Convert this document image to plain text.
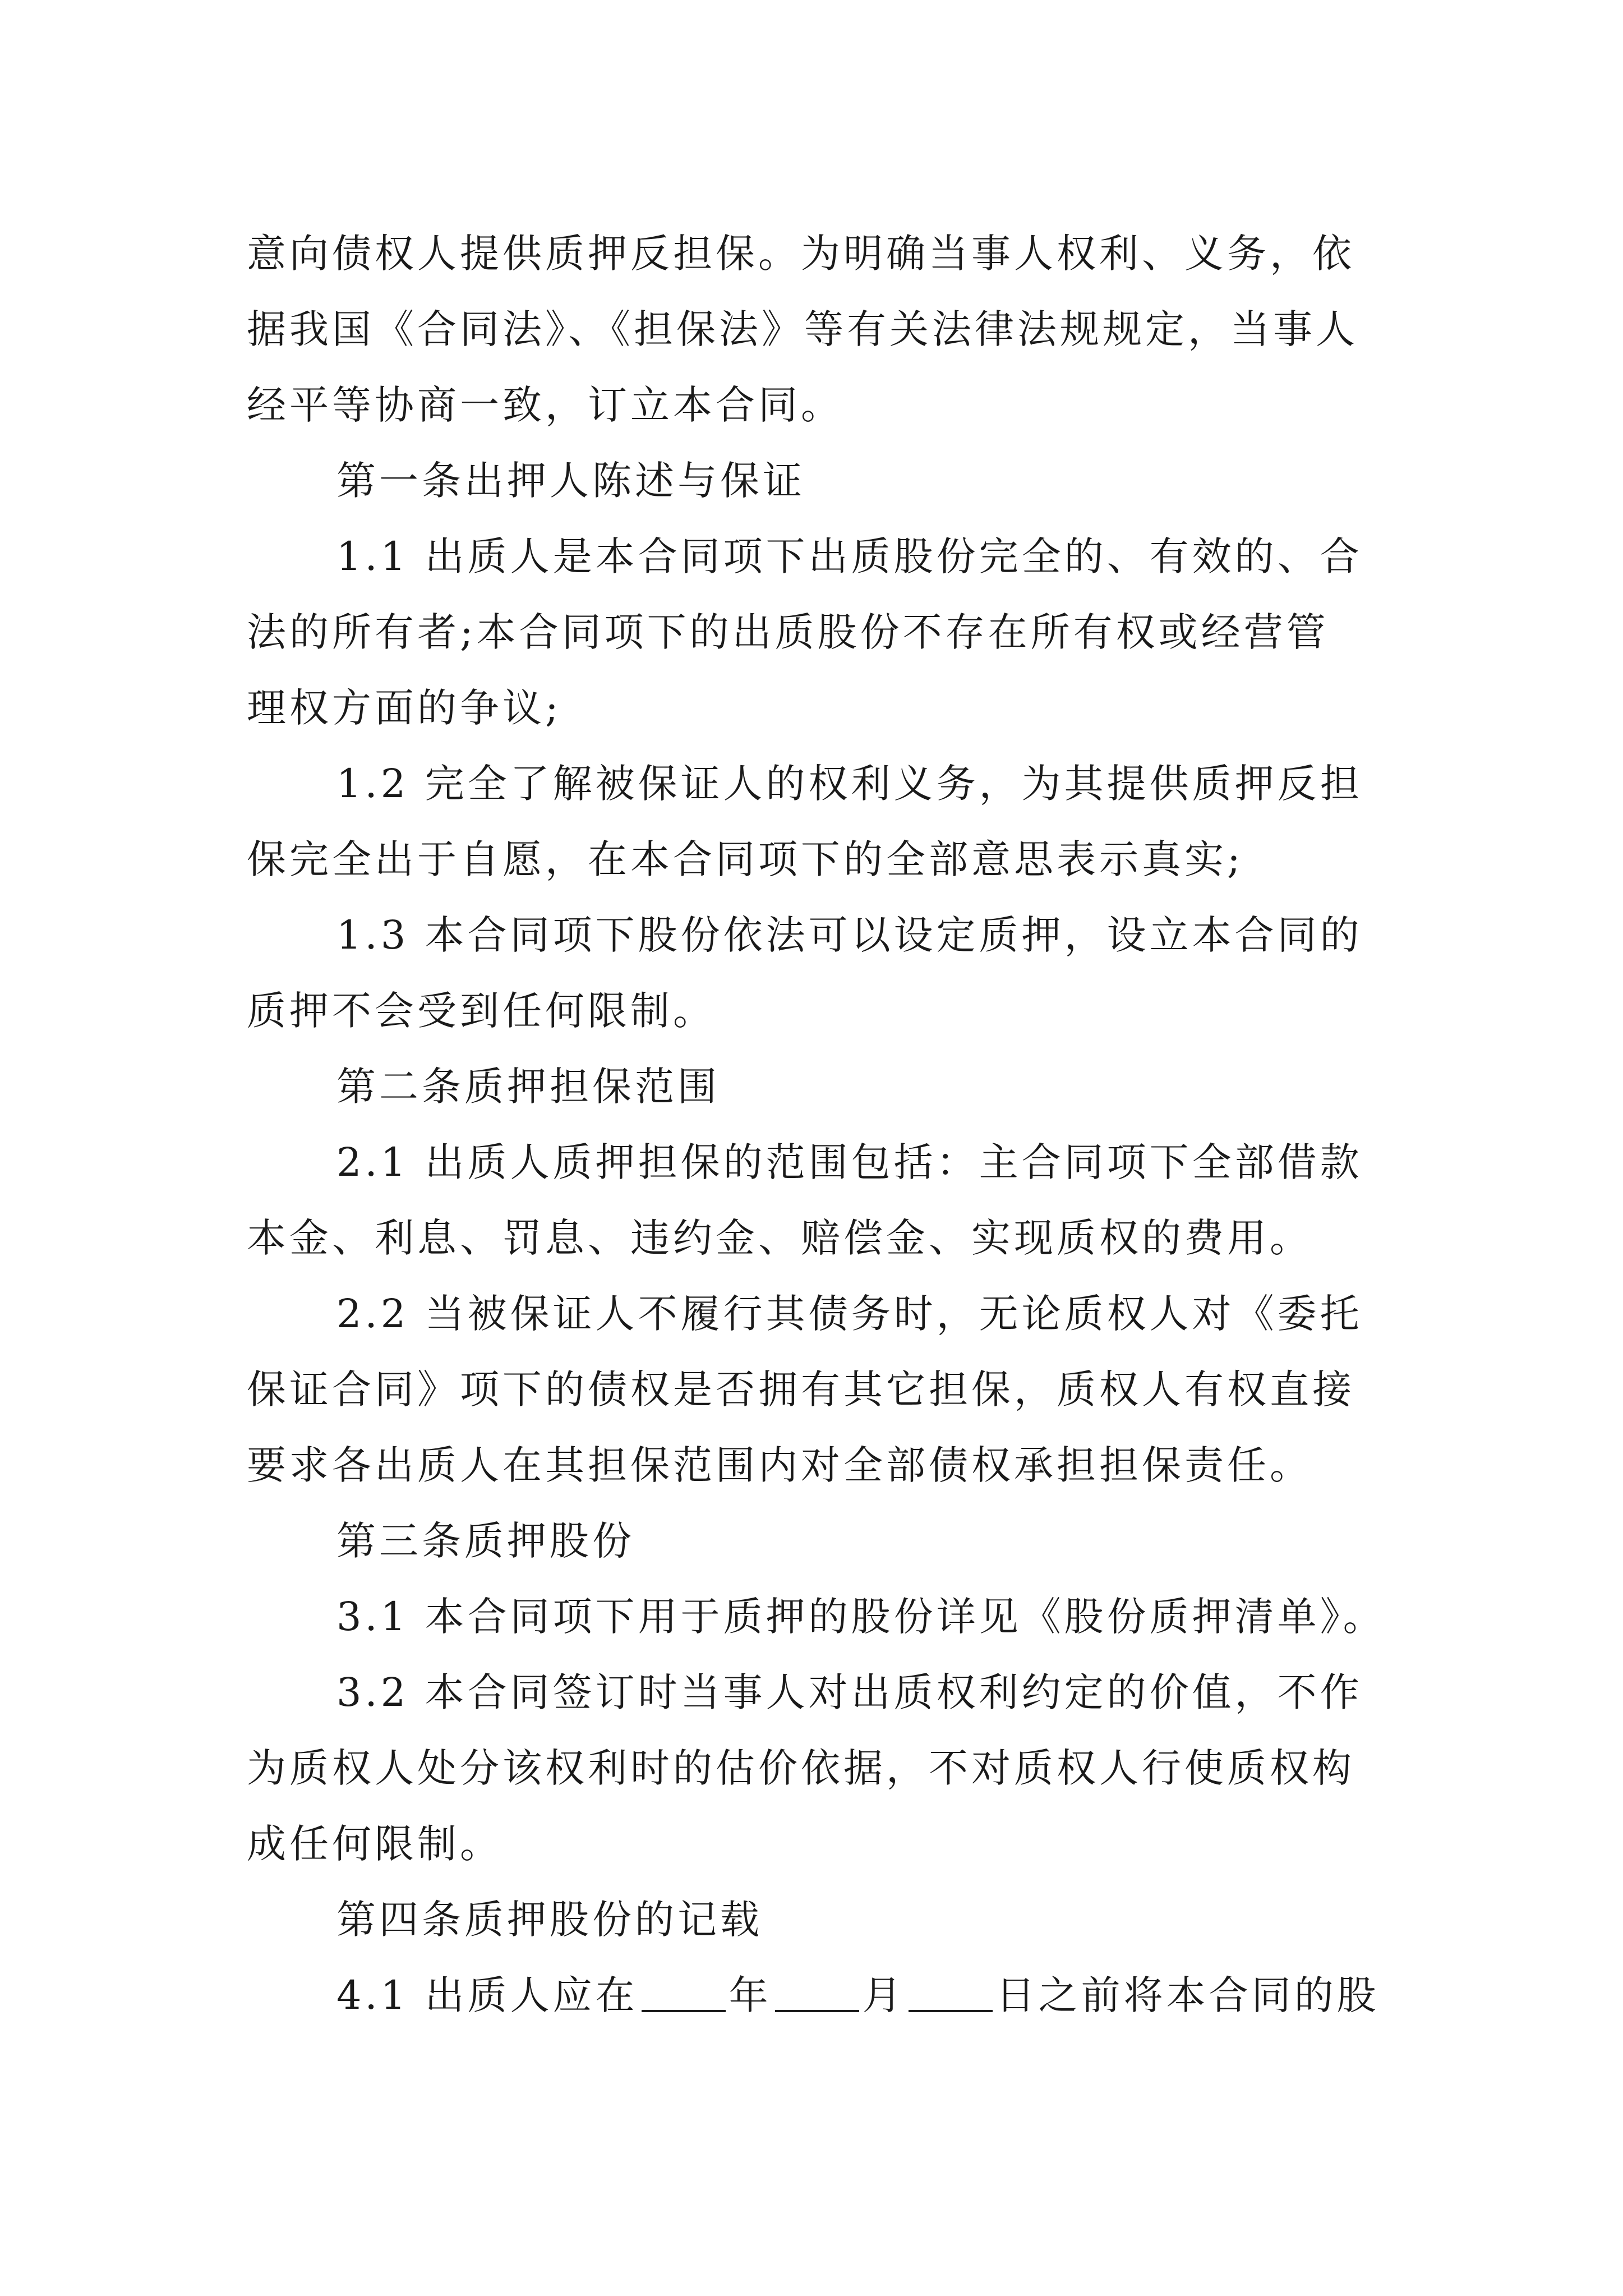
意向债权人提供质押反担保。为明确当事人权利、义务，依
据我国《合同法》、《担保法》等有关法律法规规定，当事人
经平等协商一致，订立本合同。
第一条出押人陈述与保证
1.1 出质人是本合同项下出质股份完全的、有效的、合
法的所有者;本合同项下的出质股份不存在所有权或经营管
理权方面的争议;
1.2 完全了解被保证人的权利义务，为其提供质押反担
保完全出于自愿，在本合同项下的全部意思表示真实;
1.3 本合同项下股份依法可以设定质押，设立本合同的
质押不会受到任何限制。
第二条质押担保范围
2.1 出质人质押担保的范围包括：主合同项下全部借款
本金、利息、罚息、违约金、赔偿金、实现质权的费用。
2.2 当被保证人不履行其债务时，无论质权人对《委托
保证合同》项下的债权是否拥有其它担保，质权人有权直接
要求各出质人在其担保范围内对全部债权承担担保责任。
第三条质押股份
3.1 本合同项下用于质押的股份详见《股份质押清单》。
3.2 本合同签订时当事人对出质权利约定的价值，不作
为质权人处分该权利时的估价依据，不对质权人行使质权构
成任何限制。
第四条质押股份的记载
4.1 出质人应在 年 月 日之前将本合同的股
